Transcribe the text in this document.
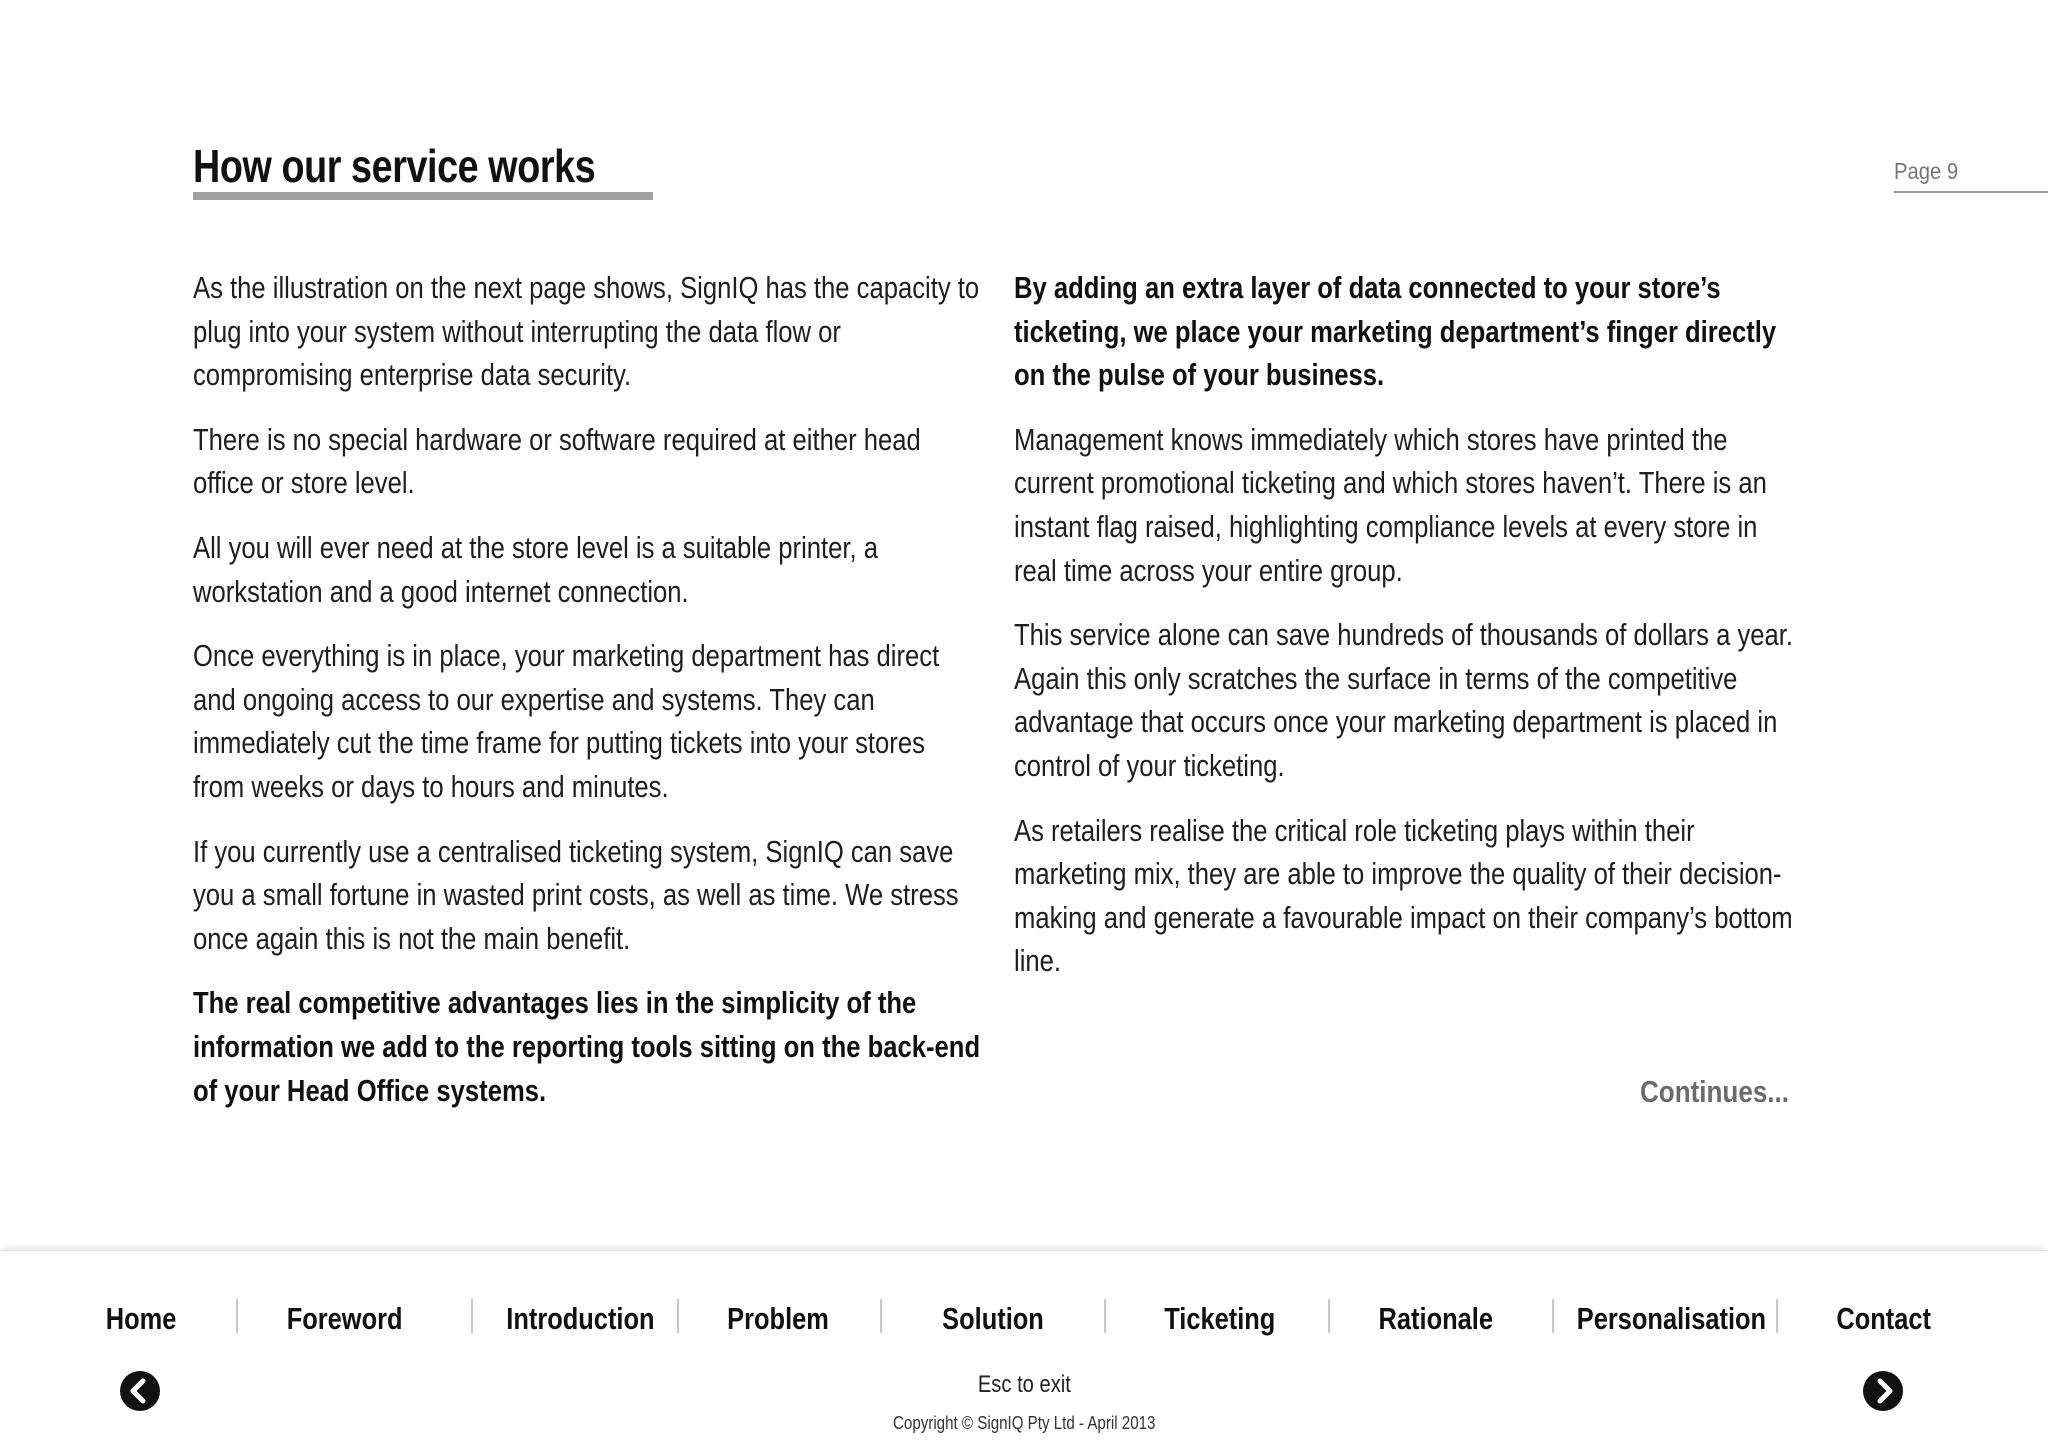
How our service works	Page 9

As the illustration on the next page shows, SignIQ has the capacity to plug into your system without interrupting the data flow or compromising enterprise data security.

There is no special hardware or software required at either head office or store level.

All you will ever need at the store level is a suitable printer, a workstation and a good internet connection.

Once everything is in place, your marketing department has direct and ongoing access to our expertise and systems. They can immediately cut the time frame for putting tickets into your stores from weeks or days to hours and minutes.

If you currently use a centralised ticketing system, SignIQ can save you a small fortune in wasted print costs, as well as time. We stress once again this is not the main benefit.

The real competitive advantages lies in the simplicity of the information we add to the reporting tools sitting on the back-end of your Head Office systems.

By adding an extra layer of data connected to your store’s ticketing, we place your marketing department’s finger directly on the pulse of your business.

Management knows immediately which stores have printed the current promotional ticketing and which stores haven’t. There is an instant flag raised, highlighting compliance levels at every store in real time across your entire group.

This service alone can save hundreds of thousands of dollars a year. Again this only scratches the surface in terms of the competitive advantage that occurs once your marketing department is placed in control of your ticketing.

As retailers realise the critical role ticketing plays within their marketing mix, they are able to improve the quality of their decision-making and generate a favourable impact on their company’s bottom line.

Continues...
Home	Foreword	Introduction	Problem	Solution	Ticketing	Rationale	Personalisation	Contact
Esc to exit
Copyright © SignIQ Pty Ltd - April 2013
